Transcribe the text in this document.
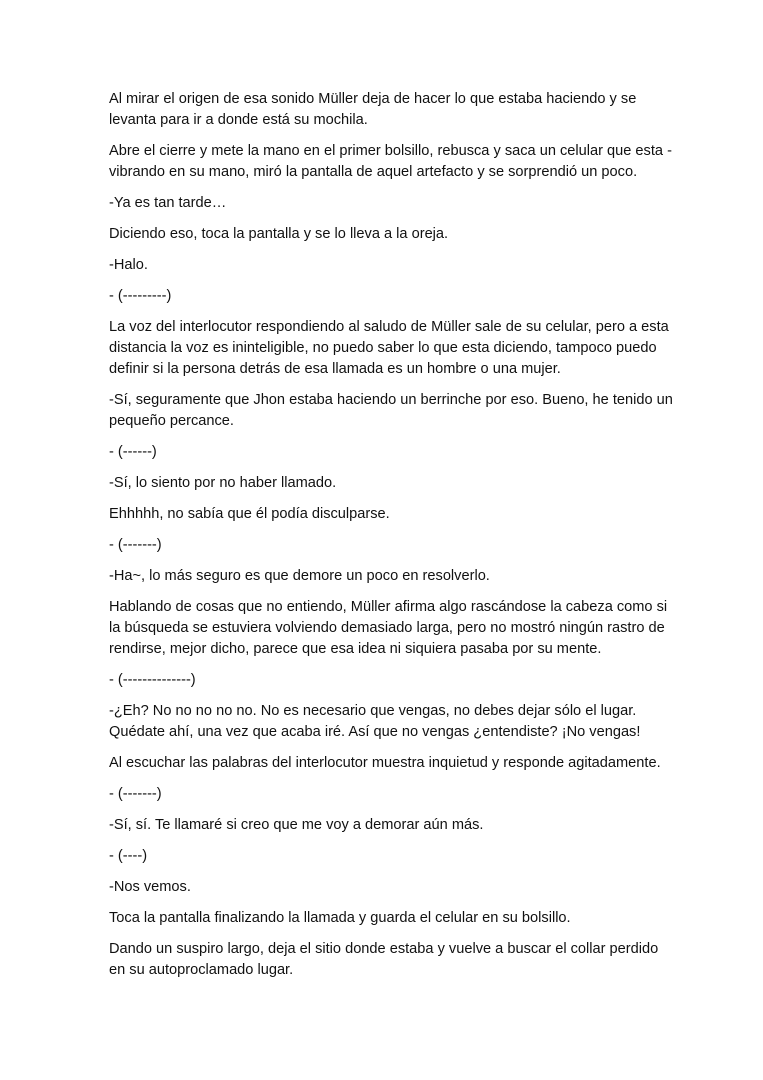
Al mirar el origen de esa sonido Müller deja de hacer lo que estaba haciendo y se
levanta para ir a donde está su mochila.

Abre el cierre y mete la mano en el primer bolsillo, rebusca y saca un celular que esta -
vibrando en su mano, miró la pantalla de aquel artefacto y se sorprendió un poco.

-Ya es tan tarde…

Diciendo eso, toca la pantalla y se lo lleva a la oreja.

-Halo.

- (---------)

La voz del interlocutor respondiendo al saludo de Müller sale de su celular, pero a esta
distancia la voz es ininteligible, no puedo saber lo que esta diciendo, tampoco puedo
definir si la persona detrás de esa llamada es un hombre o una mujer.

-Sí, seguramente que Jhon estaba haciendo un berrinche por eso. Bueno, he tenido un
pequeño percance.

- (------)

-Sí, lo siento por no haber llamado.

Ehhhhh, no sabía que él podía disculparse.

- (-------)

-Ha~, lo más seguro es que demore un poco en resolverlo.

Hablando de cosas que no entiendo, Müller afirma algo rascándose la cabeza como si
la búsqueda se estuviera volviendo demasiado larga, pero no mostró ningún rastro de
rendirse, mejor dicho, parece que esa idea ni siquiera pasaba por su mente.

- (--------------)

-¿Eh? No no no no no. No es necesario que vengas, no debes dejar sólo el lugar.
Quédate ahí, una vez que acaba iré. Así que no vengas ¿entendiste? ¡No vengas!

Al escuchar las palabras del interlocutor muestra inquietud y responde agitadamente.

- (-------)

-Sí, sí. Te llamaré si creo que me voy a demorar aún más.

- (----)

-Nos vemos.

Toca la pantalla finalizando la llamada y guarda el celular en su bolsillo.

Dando un suspiro largo, deja el sitio donde estaba y vuelve a buscar el collar perdido
en su autoproclamado lugar.
